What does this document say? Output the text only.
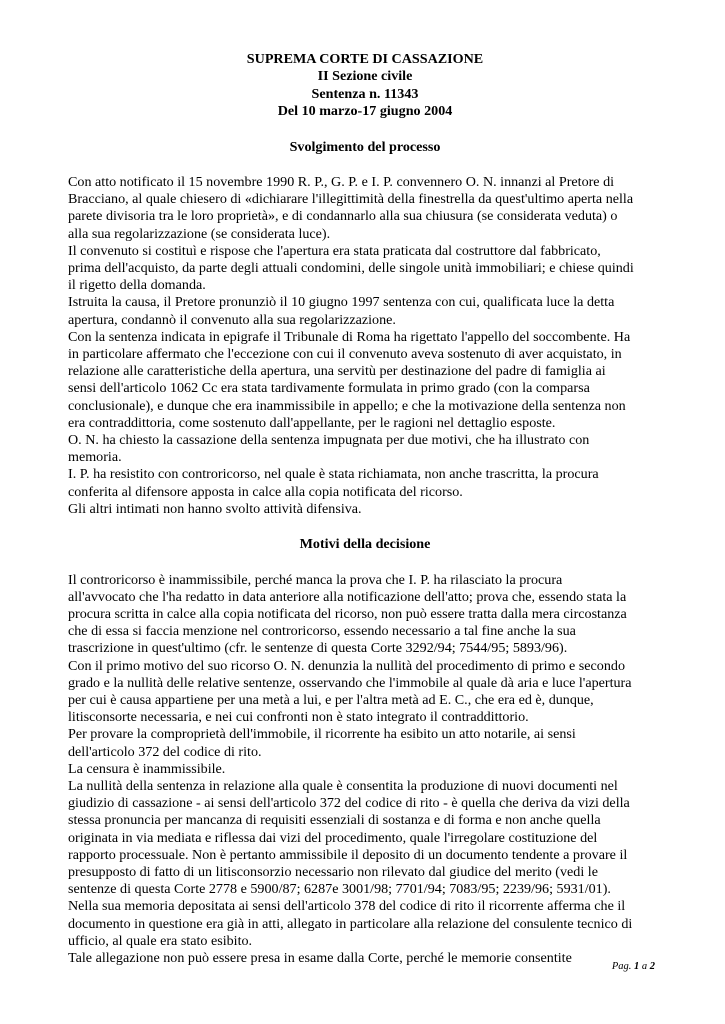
SUPREMA CORTE DI CASSAZIONE
II Sezione civile
Sentenza n. 11343
Del 10 marzo-17 giugno 2004
Svolgimento del processo
Con atto notificato il 15 novembre 1990 R. P., G. P. e I. P. convennero O. N. innanzi al Pretore di
Bracciano, al quale chiesero di «dichiarare l'illegittimità della finestrella da quest'ultimo aperta nella
parete divisoria tra le loro proprietà», e di condannarlo alla sua chiusura (se considerata veduta) o
alla sua regolarizzazione (se considerata luce).
Il convenuto si costituì e rispose che l'apertura era stata praticata dal costruttore dal fabbricato,
prima dell'acquisto, da parte degli attuali condomini, delle singole unità immobiliari; e chiese quindi
il rigetto della domanda.
Istruita la causa, il Pretore pronunziò il 10 giugno 1997 sentenza con cui, qualificata luce la detta
apertura, condannò il convenuto alla sua regolarizzazione.
Con la sentenza indicata in epigrafe il Tribunale di Roma ha rigettato l'appello del soccombente. Ha
in particolare affermato che l'eccezione con cui il convenuto aveva sostenuto di aver acquistato, in
relazione alle caratteristiche della apertura, una servitù per destinazione del padre di famiglia ai
sensi dell'articolo 1062 Cc era stata tardivamente formulata in primo grado (con la comparsa
conclusionale), e dunque che era inammissibile in appello; e che la motivazione della sentenza non
era contraddittoria, come sostenuto dall'appellante, per le ragioni nel dettaglio esposte.
O. N. ha chiesto la cassazione della sentenza impugnata per due motivi, che ha illustrato con
memoria.
I. P. ha resistito con controricorso, nel quale è stata richiamata, non anche trascritta, la procura
conferita al difensore apposta in calce alla copia notificata del ricorso.
Gli altri intimati non hanno svolto attività difensiva.
Motivi della decisione
Il controricorso è inammissibile, perché manca la prova che I. P. ha rilasciato la procura
all'avvocato che l'ha redatto in data anteriore alla notificazione dell'atto; prova che, essendo stata la
procura scritta in calce alla copia notificata del ricorso, non può essere tratta dalla mera circostanza
che di essa si faccia menzione nel controricorso, essendo necessario a tal fine anche la sua
trascrizione in quest'ultimo (cfr. le sentenze di questa Corte 3292/94; 7544/95; 5893/96).
Con il primo motivo del suo ricorso O. N. denunzia la nullità del procedimento di primo e secondo
grado e la nullità delle relative sentenze, osservando che l'immobile al quale dà aria e luce l'apertura
per cui è causa appartiene per una metà a lui, e per l'altra metà ad E. C., che era ed è, dunque,
litisconsorte necessaria, e nei cui confronti non è stato integrato il contraddittorio.
Per provare la comproprietà dell'immobile, il ricorrente ha esibito un atto notarile, ai sensi
dell'articolo 372 del codice di rito.
La censura è inammissibile.
La nullità della sentenza in relazione alla quale è consentita la produzione di nuovi documenti nel
giudizio di cassazione - ai sensi dell'articolo 372 del codice di rito - è quella che deriva da vizi della
stessa pronuncia per mancanza di requisiti essenziali di sostanza e di forma e non anche quella
originata in via mediata e riflessa dai vizi del procedimento, quale l'irregolare costituzione del
rapporto processuale. Non è pertanto ammissibile il deposito di un documento tendente a provare il
presupposto di fatto di un litisconsorzio necessario non rilevato dal giudice del merito (vedi le
sentenze di questa Corte 2778 e 5900/87; 6287e 3001/98; 7701/94; 7083/95; 2239/96; 5931/01).
Nella sua memoria depositata ai sensi dell'articolo 378 del codice di rito il ricorrente afferma che il
documento in questione era già in atti, allegato in particolare alla relazione del consulente tecnico di
ufficio, al quale era stato esibito.
Tale allegazione non può essere presa in esame dalla Corte, perché le memorie consentite
Pag. 1 a 2
